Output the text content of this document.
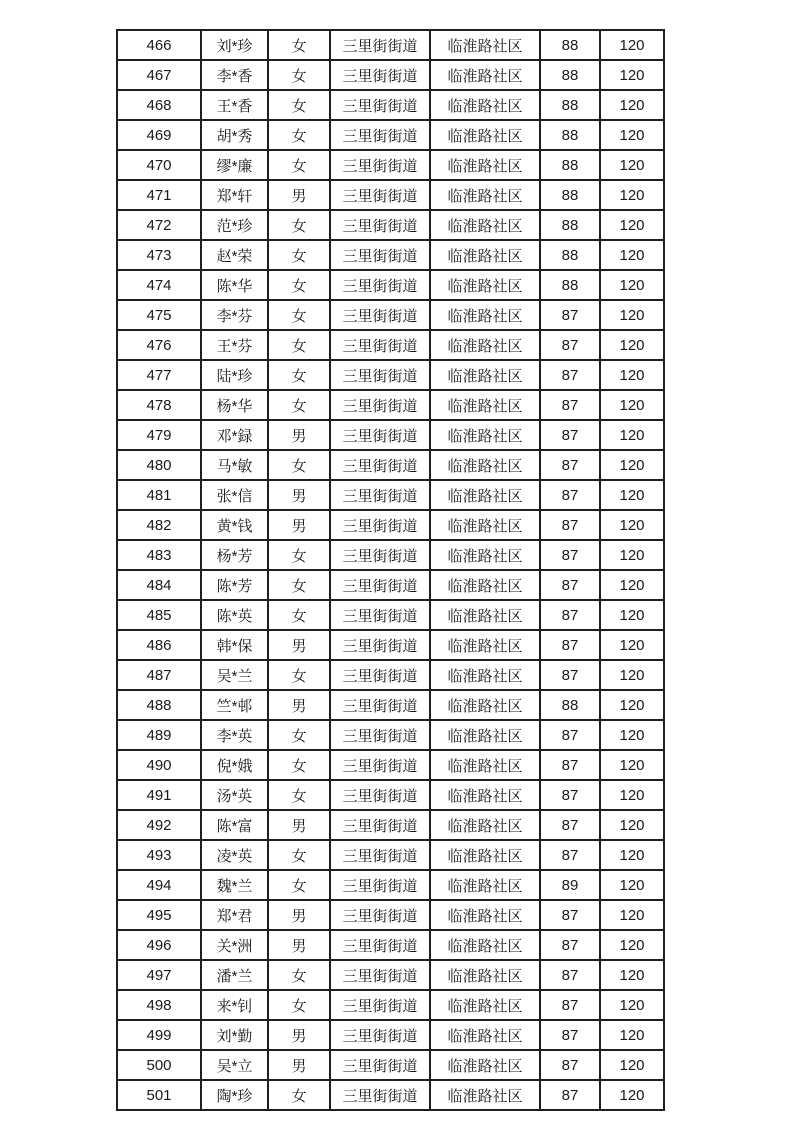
466	刘*珍	女	三里街街道	临淮路社区	88	120
467	李*香	女	三里街街道	临淮路社区	88	120
468	王*香	女	三里街街道	临淮路社区	88	120
469	胡*秀	女	三里街街道	临淮路社区	88	120
470	缪*廉	女	三里街街道	临淮路社区	88	120
471	郑*轩	男	三里街街道	临淮路社区	88	120
472	范*珍	女	三里街街道	临淮路社区	88	120
473	赵*荣	女	三里街街道	临淮路社区	88	120
474	陈*华	女	三里街街道	临淮路社区	88	120
475	李*芬	女	三里街街道	临淮路社区	87	120
476	王*芬	女	三里街街道	临淮路社区	87	120
477	陆*珍	女	三里街街道	临淮路社区	87	120
478	杨*华	女	三里街街道	临淮路社区	87	120
479	邓*録	男	三里街街道	临淮路社区	87	120
480	马*敏	女	三里街街道	临淮路社区	87	120
481	张*信	男	三里街街道	临淮路社区	87	120
482	黄*钱	男	三里街街道	临淮路社区	87	120
483	杨*芳	女	三里街街道	临淮路社区	87	120
484	陈*芳	女	三里街街道	临淮路社区	87	120
485	陈*英	女	三里街街道	临淮路社区	87	120
486	韩*保	男	三里街街道	临淮路社区	87	120
487	吴*兰	女	三里街街道	临淮路社区	87	120
488	竺*邨	男	三里街街道	临淮路社区	88	120
489	李*英	女	三里街街道	临淮路社区	87	120
490	倪*娥	女	三里街街道	临淮路社区	87	120
491	汤*英	女	三里街街道	临淮路社区	87	120
492	陈*富	男	三里街街道	临淮路社区	87	120
493	凌*英	女	三里街街道	临淮路社区	87	120
494	魏*兰	女	三里街街道	临淮路社区	89	120
495	郑*君	男	三里街街道	临淮路社区	87	120
496	关*洲	男	三里街街道	临淮路社区	87	120
497	潘*兰	女	三里街街道	临淮路社区	87	120
498	来*钊	女	三里街街道	临淮路社区	87	120
499	刘*勤	男	三里街街道	临淮路社区	87	120
500	吴*立	男	三里街街道	临淮路社区	87	120
501	陶*珍	女	三里街街道	临淮路社区	87	120
